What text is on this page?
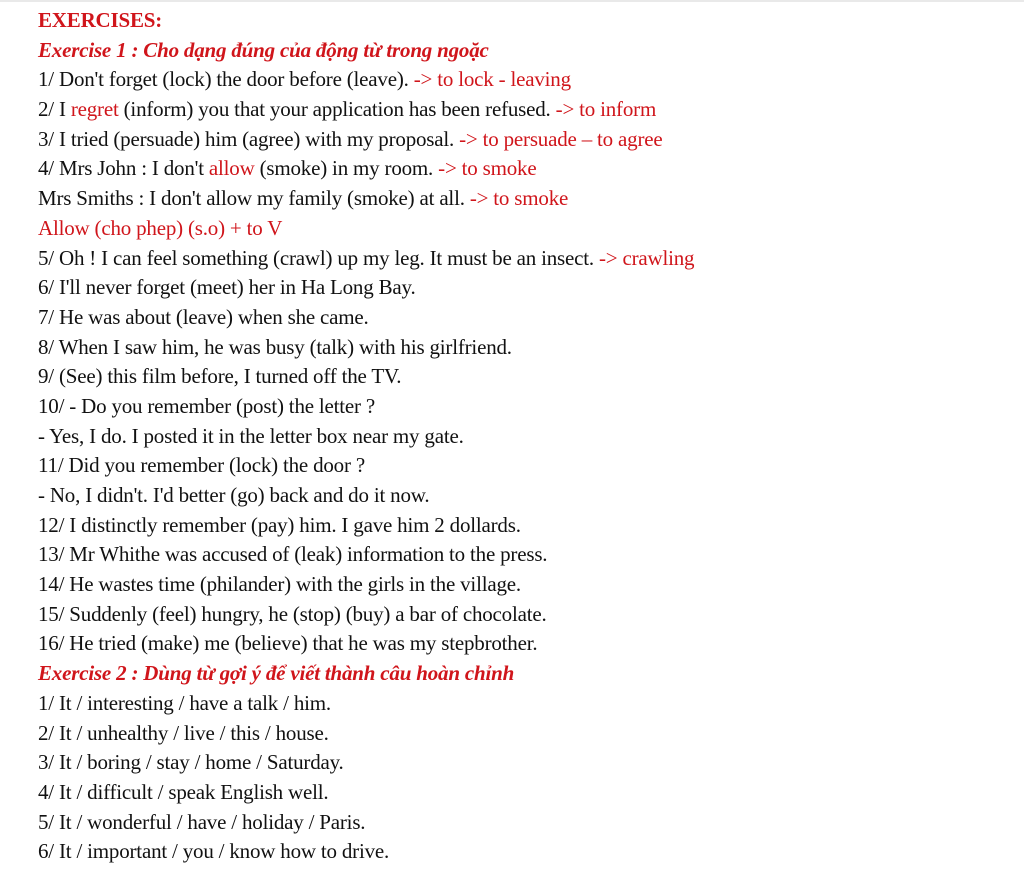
EXERCISES:
Exercise 1 : Cho dạng đúng của động từ trong ngoặc
1/ Don't forget (lock) the door before (leave). -> to lock - leaving
2/ I regret (inform) you that your application has been refused. -> to inform
3/ I tried (persuade) him (agree) with my proposal. -> to persuade – to agree
4/ Mrs John : I don't allow (smoke) in my room. -> to smoke
Mrs Smiths : I don't allow my family (smoke) at all. -> to smoke
Allow (cho phep) (s.o) + to V
5/ Oh ! I can feel something (crawl) up my leg. It must be an insect. -> crawling
6/ I'll never forget (meet) her in Ha Long Bay.
7/ He was about (leave) when she came.
8/ When I saw him, he was busy (talk) with his girlfriend.
9/ (See) this film before, I turned off the TV.
10/ - Do you remember (post) the letter ?
- Yes, I do. I posted it in the letter box near my gate.
11/ Did you remember (lock) the door ?
- No, I didn't. I'd better (go) back and do it now.
12/ I distinctly remember (pay) him. I gave him 2 dollards.
13/ Mr Whithe was accused of (leak) information to the press.
14/ He wastes time (philander) with the girls in the village.
15/ Suddenly (feel) hungry, he (stop) (buy) a bar of chocolate.
16/ He tried (make) me (believe) that he was my stepbrother.
Exercise 2 : Dùng từ gợi ý để viết thành câu hoàn chỉnh
1/ It / interesting / have a talk / him.
2/ It / unhealthy / live / this / house.
3/ It / boring / stay / home / Saturday.
4/ It / difficult / speak English well.
5/ It / wonderful / have / holiday / Paris.
6/ It / important / you / know how to drive.
